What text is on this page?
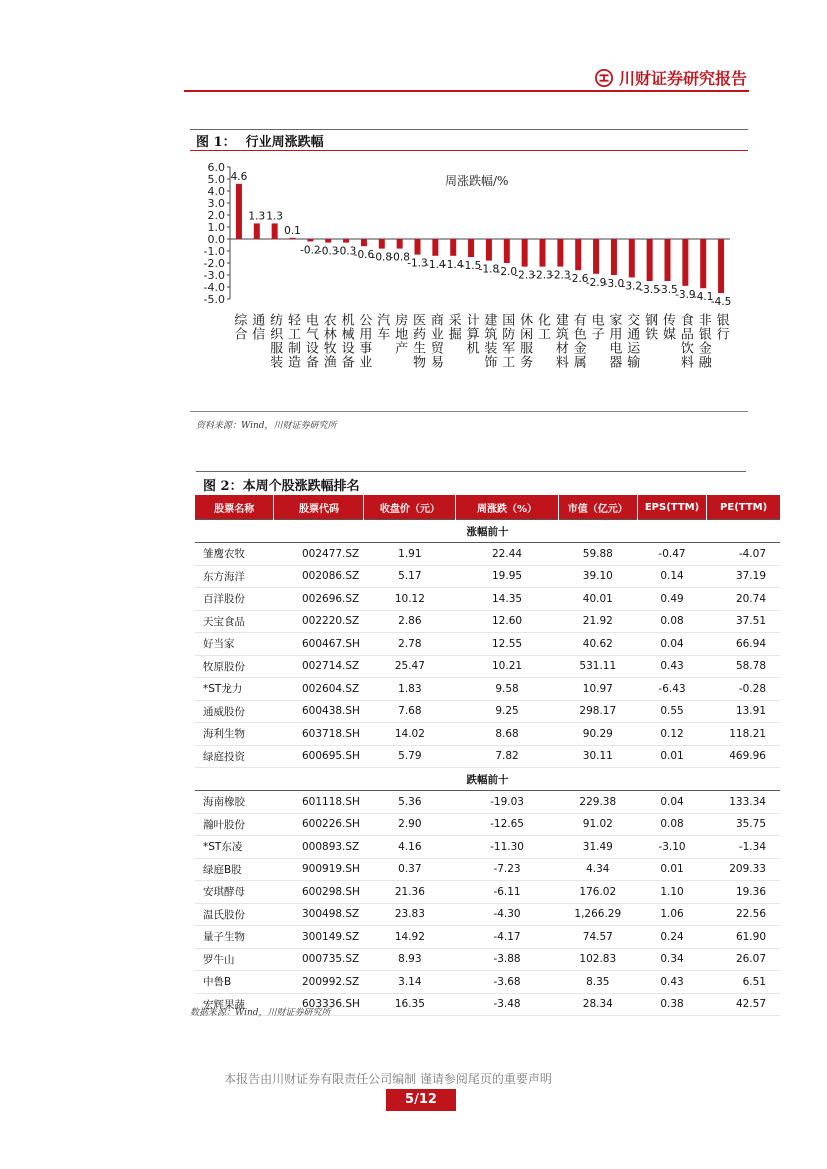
川财证券研究报告
图 1： 行业周涨跌幅
6.0
5.0
4.0
3.0
2.0
1.0
0.0
-1.0
-2.0
-3.0
-4.0
-5.0
周涨跌幅/%
4.6
综合
1.3
通信
1.3
纺织服装
0.1
轻工制造
-0.2
电气设备
-0.3
农林牧渔
-0.3
机械设备
-0.6
公用事业
-0.8
汽车
-0.8
房地产
-1.3
医药生物
-1.4
商业贸易
-1.4
采掘
-1.5
计算机
-1.8
建筑装饰
-2.0
国防军工
-2.3
休闲服务
-2.3
化工
-2.3
建筑材料
-2.6
有色金属
-2.9
电子
-3.0
家用电器
-3.2
交通运输
-3.5
钢铁
-3.5
传媒
-3.9
食品饮料
-4.1
非银金融
-4.5
银行
资料来源：Wind，川财证券研究所
图 2：本周个股涨跌幅排名
股票名称	股票代码	收盘价（元）	周涨跌（%）	市值（亿元）	EPS(TTM)	PE(TTM)
涨幅前十						
雏鹰农牧	002477.SZ	1.91	22.44	59.88	-0.47	-4.07
东方海洋	002086.SZ	5.17	19.95	39.10	0.14	37.19
百洋股份	002696.SZ	10.12	14.35	40.01	0.49	20.74
天宝食品	002220.SZ	2.86	12.60	21.92	0.08	37.51
好当家	600467.SH	2.78	12.55	40.62	0.04	66.94
牧原股份	002714.SZ	25.47	10.21	531.11	0.43	58.78
*ST龙力	002604.SZ	1.83	9.58	10.97	-6.43	-0.28
通威股份	600438.SH	7.68	9.25	298.17	0.55	13.91
海利生物	603718.SH	14.02	8.68	90.29	0.12	118.21
绿庭投资	600695.SH	5.79	7.82	30.11	0.01	469.96
跌幅前十						
海南橡胶	601118.SH	5.36	-19.03	229.38	0.04	133.34
瀚叶股份	600226.SH	2.90	-12.65	91.02	0.08	35.75
*ST东凌	000893.SZ	4.16	-11.30	31.49	-3.10	-1.34
绿庭B股	900919.SH	0.37	-7.23	4.34	0.01	209.33
安琪酵母	600298.SH	21.36	-6.11	176.02	1.10	19.36
温氏股份	300498.SZ	23.83	-4.30	1,266.29	1.06	22.56
量子生物	300149.SZ	14.92	-4.17	74.57	0.24	61.90
罗牛山	000735.SZ	8.93	-3.88	102.83	0.34	26.07
中鲁B	200992.SZ	3.14	-3.68	8.35	0.43	6.51
宏辉果蔬	603336.SH	16.35	-3.48	28.34	0.38	42.57
数据来源：Wind，川财证券研究所
本报告由川财证券有限责任公司编制 谨请参阅尾页的重要声明
5/12
